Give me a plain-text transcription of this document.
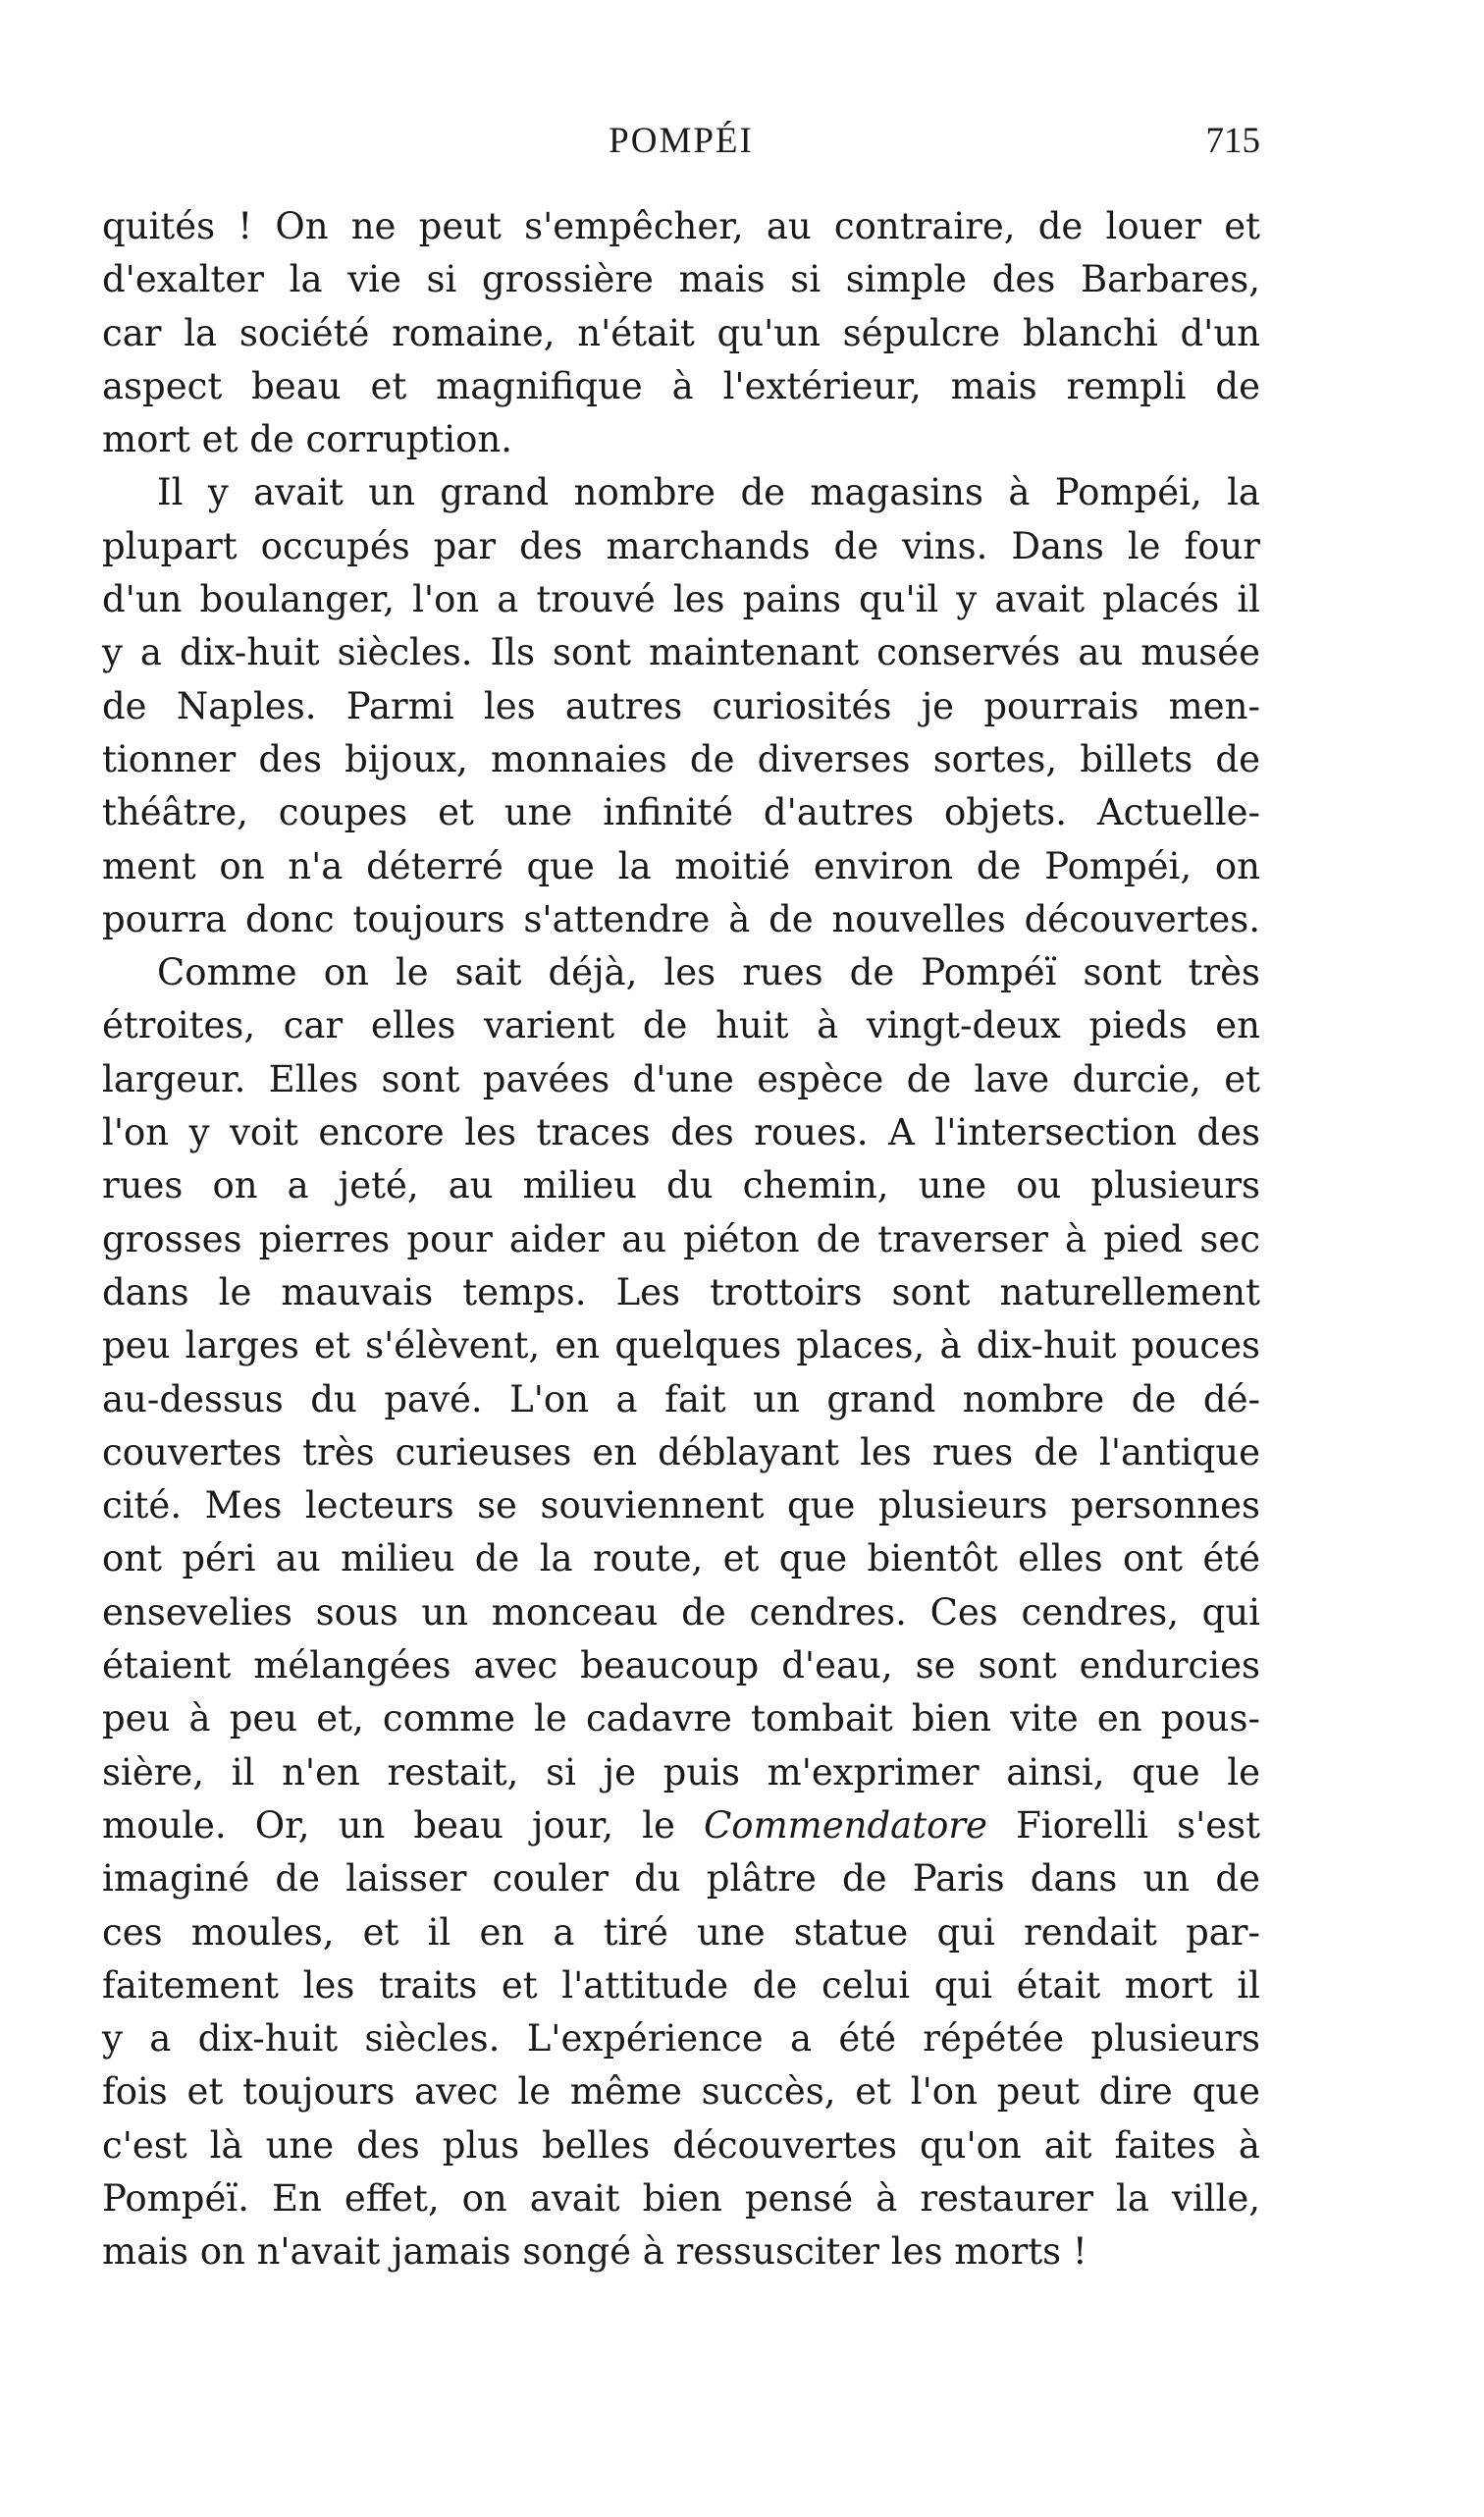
POMPÉI	715
quités ! On ne peut s'empêcher, au contraire, de louer et
d'exalter la vie si grossière mais si simple des Barbares,
car la société romaine, n'était qu'un sépulcre blanchi d'un
aspect beau et magnifique à l'extérieur, mais rempli de
mort et de corruption.
Il y avait un grand nombre de magasins à Pompéi, la
plupart occupés par des marchands de vins. Dans le four
d'un boulanger, l'on a trouvé les pains qu'il y avait placés il
y a dix-huit siècles. Ils sont maintenant conservés au musée
de Naples. Parmi les autres curiosités je pourrais men-
tionner des bijoux, monnaies de diverses sortes, billets de
théâtre, coupes et une infinité d'autres objets. Actuelle-
ment on n'a déterré que la moitié environ de Pompéi, on
pourra donc toujours s'attendre à de nouvelles découvertes.
Comme on le sait déjà, les rues de Pompéï sont très
étroites, car elles varient de huit à vingt-deux pieds en
largeur. Elles sont pavées d'une espèce de lave durcie, et
l'on y voit encore les traces des roues. A l'intersection des
rues on a jeté, au milieu du chemin, une ou plusieurs
grosses pierres pour aider au piéton de traverser à pied sec
dans le mauvais temps. Les trottoirs sont naturellement
peu larges et s'élèvent, en quelques places, à dix-huit pouces
au-dessus du pavé. L'on a fait un grand nombre de dé-
couvertes très curieuses en déblayant les rues de l'antique
cité. Mes lecteurs se souviennent que plusieurs personnes
ont péri au milieu de la route, et que bientôt elles ont été
ensevelies sous un monceau de cendres. Ces cendres, qui
étaient mélangées avec beaucoup d'eau, se sont endurcies
peu à peu et, comme le cadavre tombait bien vite en pous-
sière, il n'en restait, si je puis m'exprimer ainsi, que le
moule. Or, un beau jour, le Commendatore Fiorelli s'est
imaginé de laisser couler du plâtre de Paris dans un de
ces moules, et il en a tiré une statue qui rendait par-
faitement les traits et l'attitude de celui qui était mort il
y a dix-huit siècles. L'expérience a été répétée plusieurs
fois et toujours avec le même succès, et l'on peut dire que
c'est là une des plus belles découvertes qu'on ait faites à
Pompéï. En effet, on avait bien pensé à restaurer la ville,
mais on n'avait jamais songé à ressusciter les morts !
